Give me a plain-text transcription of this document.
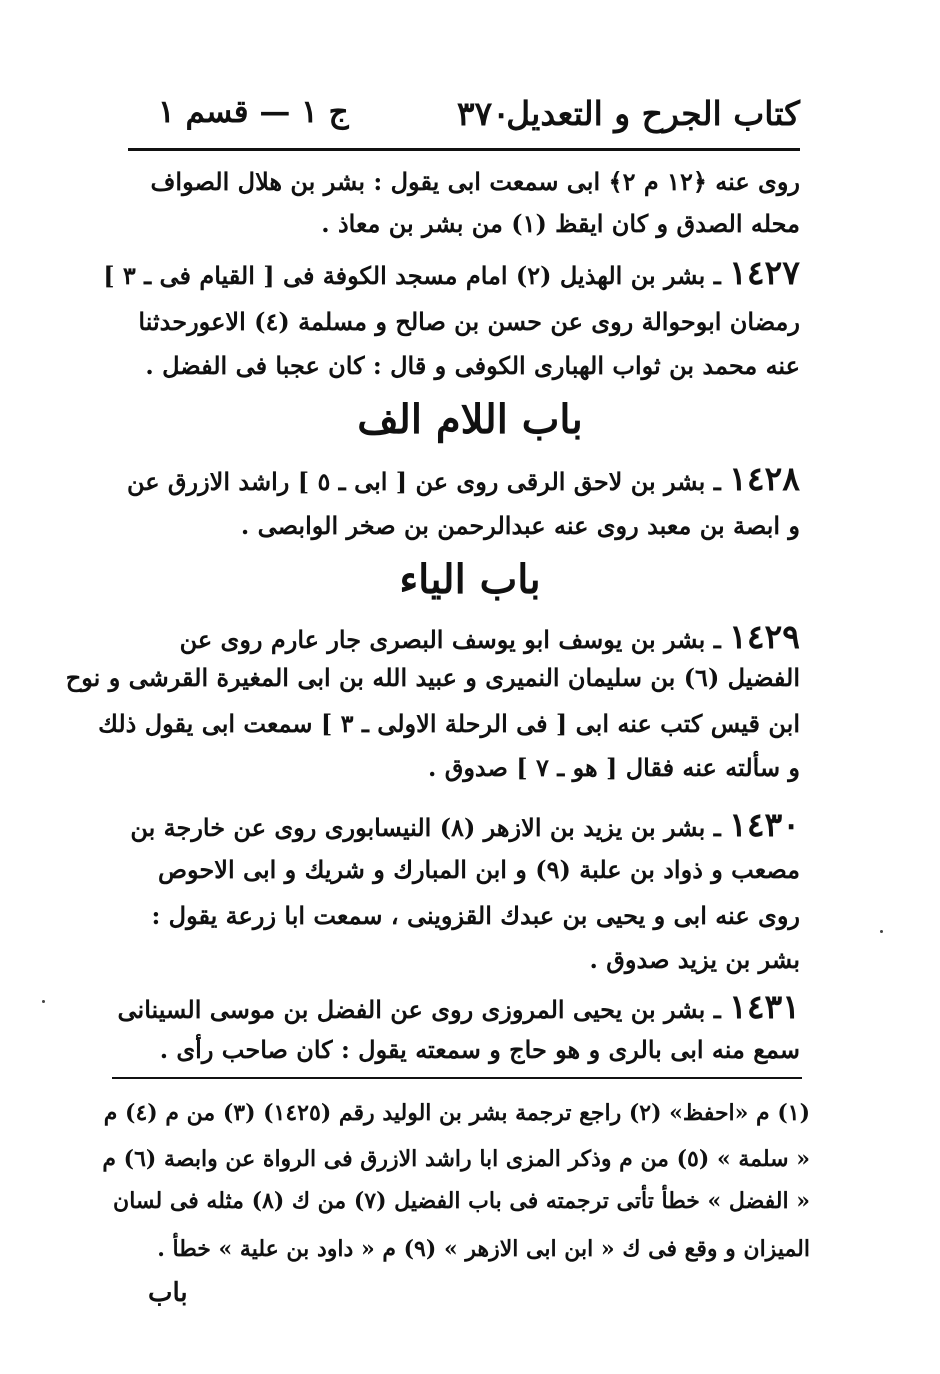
كتاب الجرح و التعديل
٣٧٠
ج ١ — قسم ١
روى عنه ﴿١٢ م ٢﴾ ابى سمعت ابى يقول : بشر بن هلال الصواف
محله الصدق و كان ايقظ (١) من بشر بن معاذ .
١٤٢٧ ـ بشر بن الهذيل (٢) امام مسجد الكوفة فى [ القيام فى ـ ٣ ]
رمضان ابوحوالة روى عن حسن بن صالح و مسلمة (٤) الاعورحدثنا
عنه محمد بن ثواب الهبارى الكوفى و قال : كان عجبا فى الفضل .
باب اللام الف
١٤٢٨ ـ بشر بن لاحق الرقى روى عن [ ابى ـ ٥ ] راشد الازرق عن
و ابصة بن معبد روى عنه عبدالرحمن بن صخر الوابصى .
باب الياء
١٤٢٩ ـ بشر بن يوسف ابو يوسف البصرى جار عارم روى عن
الفضيل (٦) بن سليمان النميرى و عبيد الله بن ابى المغيرة القرشى و نوح
ابن قيس كتب عنه ابى [ فى الرحلة الاولى ـ ٣ ] سمعت ابى يقول ذلك
و سألته عنه فقال [ هو ـ ٧ ] صدوق .
١٤٣٠ ـ بشر بن يزيد بن الازهر (٨) النيسابورى روى عن خارجة بن
مصعب و ذواد بن علبة (٩) و ابن المبارك و شريك و ابى الاحوص
روى عنه ابى و يحيى بن عبدك القزوينى ، سمعت ابا زرعة يقول :
بشر بن يزيد صدوق .
١٤٣١ ـ بشر بن يحيى المروزى روى عن الفضل بن موسى السينانى
سمع منه ابى بالرى و هو حاج و سمعته يقول : كان صاحب رأى .
(١) م «احفظ» (٢) راجع ترجمة بشر بن الوليد رقم (١٤٢٥) (٣) من م (٤) م
« سلمة » (٥) من م وذكر المزى ابا راشد الازرق فى الرواة عن وابصة (٦) م
« الفضل » خطأ تأتى ترجمته فى باب الفضيل (٧) من ك (٨) مثله فى لسان
الميزان و وقع فى ك « ابن ابى الازهر » (٩) م « داود بن علية » خطأ .
باب
